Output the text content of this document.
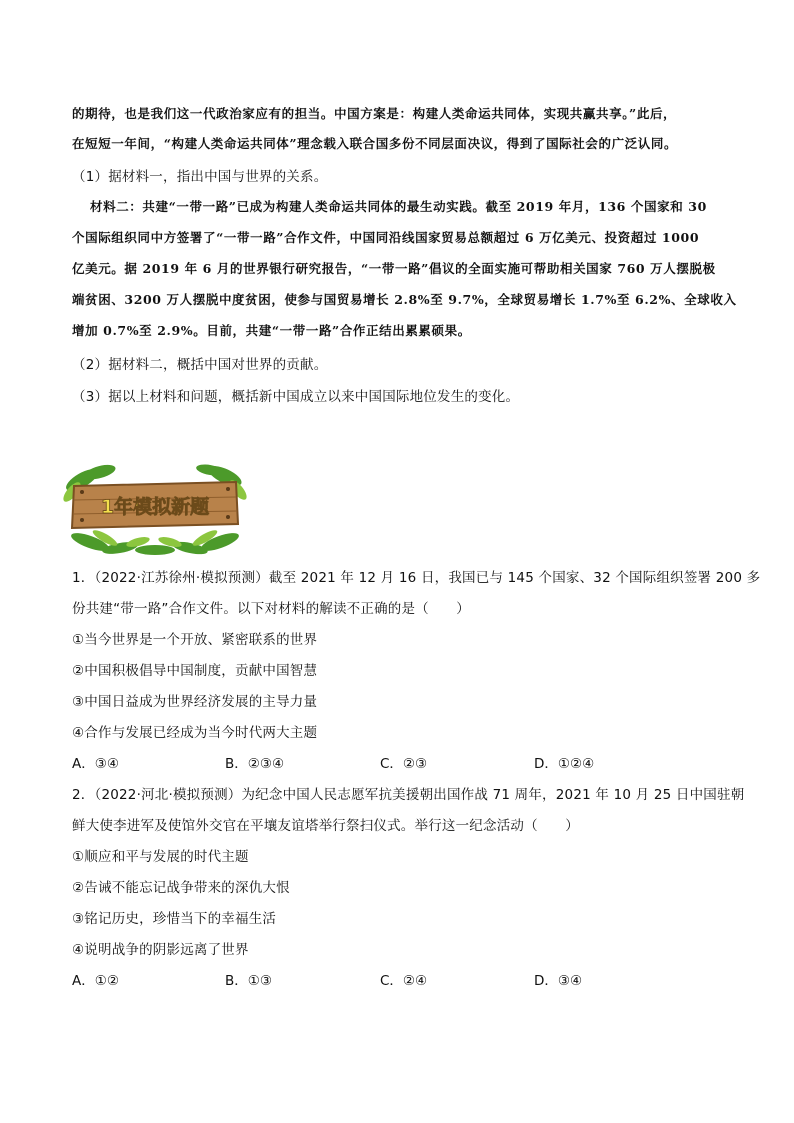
的期待，也是我们这一代政治家应有的担当。中国方案是：构建人类命运共同体，实现共赢共享。”此后，
在短短一年间，“构建人类命运共同体”理念载入联合国多份不同层面决议，得到了国际社会的广泛认同。
（1）据材料一，指出中国与世界的关系。
材料二：共建“一带一路”已成为构建人类命运共同体的最生动实践。截至 2019 年月，136 个国家和 30
个国际组织同中方签署了“一带一路”合作文件，中国同沿线国家贸易总额超过 6 万亿美元、投资超过 1000
亿美元。据 2019 年 6 月的世界银行研究报告，“一带一路”倡议的全面实施可帮助相关国家 760 万人摆脱极
端贫困、3200 万人摆脱中度贫困，使参与国贸易增长 2.8%至 9.7%，全球贸易增长 1.7%至 6.2%、全球收入
增加 0.7%至 2.9%。目前，共建“一带一路”合作正结出累累硕果。
（2）据材料二，概括中国对世界的贡献。
（3）据以上材料和问题，概括新中国成立以来中国国际地位发生的变化。
1年模拟新题
1．（2022·江苏徐州·模拟预测）截至 2021 年 12 月 16 日，我国已与 145 个国家、32 个国际组织签署 200 多
份共建“带一路”合作文件。以下对材料的解读不正确的是（　　）
①当今世界是一个开放、紧密联系的世界
②中国积极倡导中国制度，贡献中国智慧
③中国日益成为世界经济发展的主导力量
④合作与发展已经成为当今时代两大主题
A．③④	B．②③④	C．②③	D．①②④
2．（2022·河北·模拟预测）为纪念中国人民志愿军抗美援朝出国作战 71 周年，2021 年 10 月 25 日中国驻朝
鲜大使李进军及使馆外交官在平壤友谊塔举行祭扫仪式。举行这一纪念活动（　　）
①顺应和平与发展的时代主题
②告诫不能忘记战争带来的深仇大恨
③铭记历史，珍惜当下的幸福生活
④说明战争的阴影远离了世界
A．①②	B．①③	C．②④	D．③④
